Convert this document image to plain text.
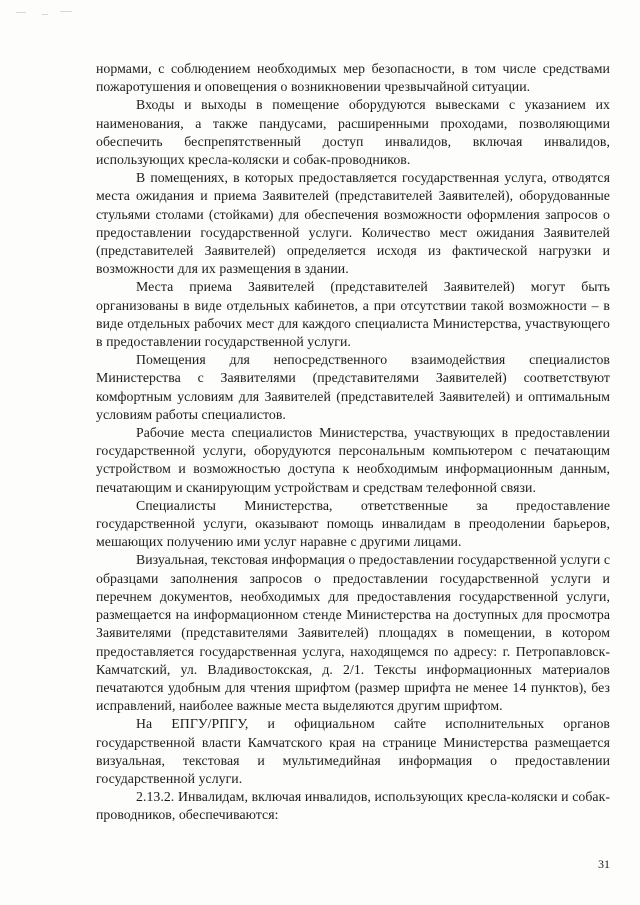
нормами, с соблюдением необходимых мер безопасности, в том числе средствами пожаротушения и оповещения о возникновении чрезвычайной ситуации.

Входы и выходы в помещение оборудуются вывесками с указанием их наименования, а также пандусами, расширенными проходами, позволяющими обеспечить беспрепятственный доступ инвалидов, включая инвалидов, использующих кресла-коляски и собак-проводников.

В помещениях, в которых предоставляется государственная услуга, отводятся места ожидания и приема Заявителей (представителей Заявителей), оборудованные стульями столами (стойками) для обеспечения возможности оформления запросов о предоставлении государственной услуги. Количество мест ожидания Заявителей (представителей Заявителей) определяется исходя из фактической нагрузки и возможности для их размещения в здании.

Места приема Заявителей (представителей Заявителей) могут быть организованы в виде отдельных кабинетов, а при отсутствии такой возможности – в виде отдельных рабочих мест для каждого специалиста Министерства, участвующего в предоставлении государственной услуги.

Помещения для непосредственного взаимодействия специалистов Министерства с Заявителями (представителями Заявителей) соответствуют комфортным условиям для Заявителей (представителей Заявителей) и оптимальным условиям работы специалистов.

Рабочие места специалистов Министерства, участвующих в предоставлении государственной услуги, оборудуются персональным компьютером с печатающим устройством и возможностью доступа к необходимым информационным данным, печатающим и сканирующим устройствам и средствам телефонной связи.

Специалисты Министерства, ответственные за предоставление государственной услуги, оказывают помощь инвалидам в преодолении барьеров, мешающих получению ими услуг наравне с другими лицами.

Визуальная, текстовая информация о предоставлении государственной услуги с образцами заполнения запросов о предоставлении государственной услуги и перечнем документов, необходимых для предоставления государственной услуги, размещается на информационном стенде Министерства на доступных для просмотра Заявителями (представителями Заявителей) площадях в помещении, в котором предоставляется государственная услуга, находящемся по адресу: г. Петропавловск-Камчатский, ул. Владивостокская, д. 2/1. Тексты информационных материалов печатаются удобным для чтения шрифтом (размер шрифта не менее 14 пунктов), без исправлений, наиболее важные места выделяются другим шрифтом.

На ЕПГУ/РПГУ, и официальном сайте исполнительных органов государственной власти Камчатского края на странице Министерства размещается визуальная, текстовая и мультимедийная информация о предоставлении государственной услуги.

2.13.2. Инвалидам, включая инвалидов, использующих кресла-коляски и собак-проводников, обеспечиваются:

31
